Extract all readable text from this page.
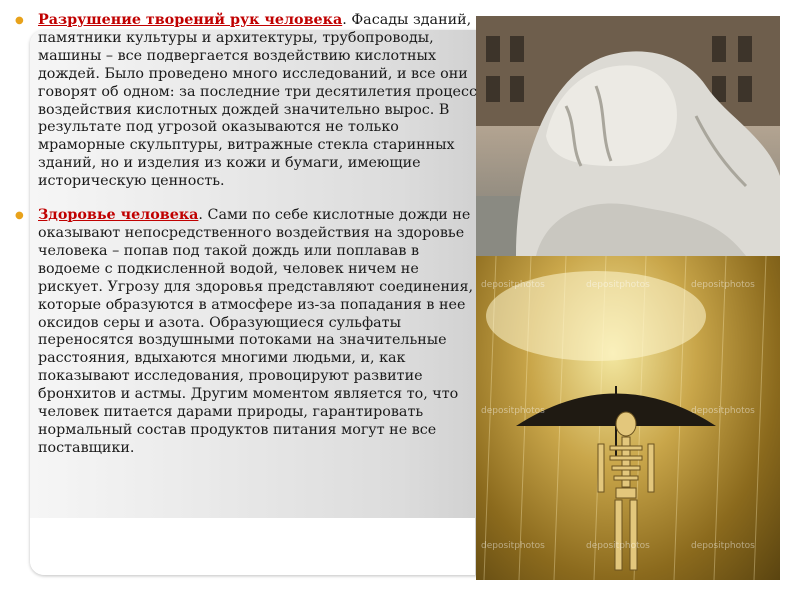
depositphotos	depositphotos	depositphotos
depositphotos	depositphotos
depositphotos	depositphotos	depositphotos

● Разрушение творений рук человека. Фасады зданий, памятники культуры и архитектуры, трубопроводы, машины – все подвергается воздействию кислотных дождей. Было проведено много исследований, и все они говорят об одном: за последние три десятилетия процесс воздействия кислотных дождей значительно вырос. В результате под угрозой оказываются не только мраморные скульптуры, витражные стекла старинных зданий, но и изделия из кожи и бумаги, имеющие историческую ценность.

● Здоровье человека. Сами по себе кислотные дожди не оказывают непосредственного воздействия на здоровье человека – попав под такой дождь или поплавав в водоеме с подкисленной водой, человек ничем не рискует. Угрозу для здоровья представляют соединения, которые образуются в атмосфере из-за попадания в нее оксидов серы и азота. Образующиеся сульфаты переносятся воздушными потоками на значительные расстояния, вдыхаются многими людьми, и, как показывают исследования, провоцируют развитие бронхитов и астмы. Другим моментом является то, что человек питается дарами природы, гарантировать нормальный состав продуктов питания могут не все поставщики.
